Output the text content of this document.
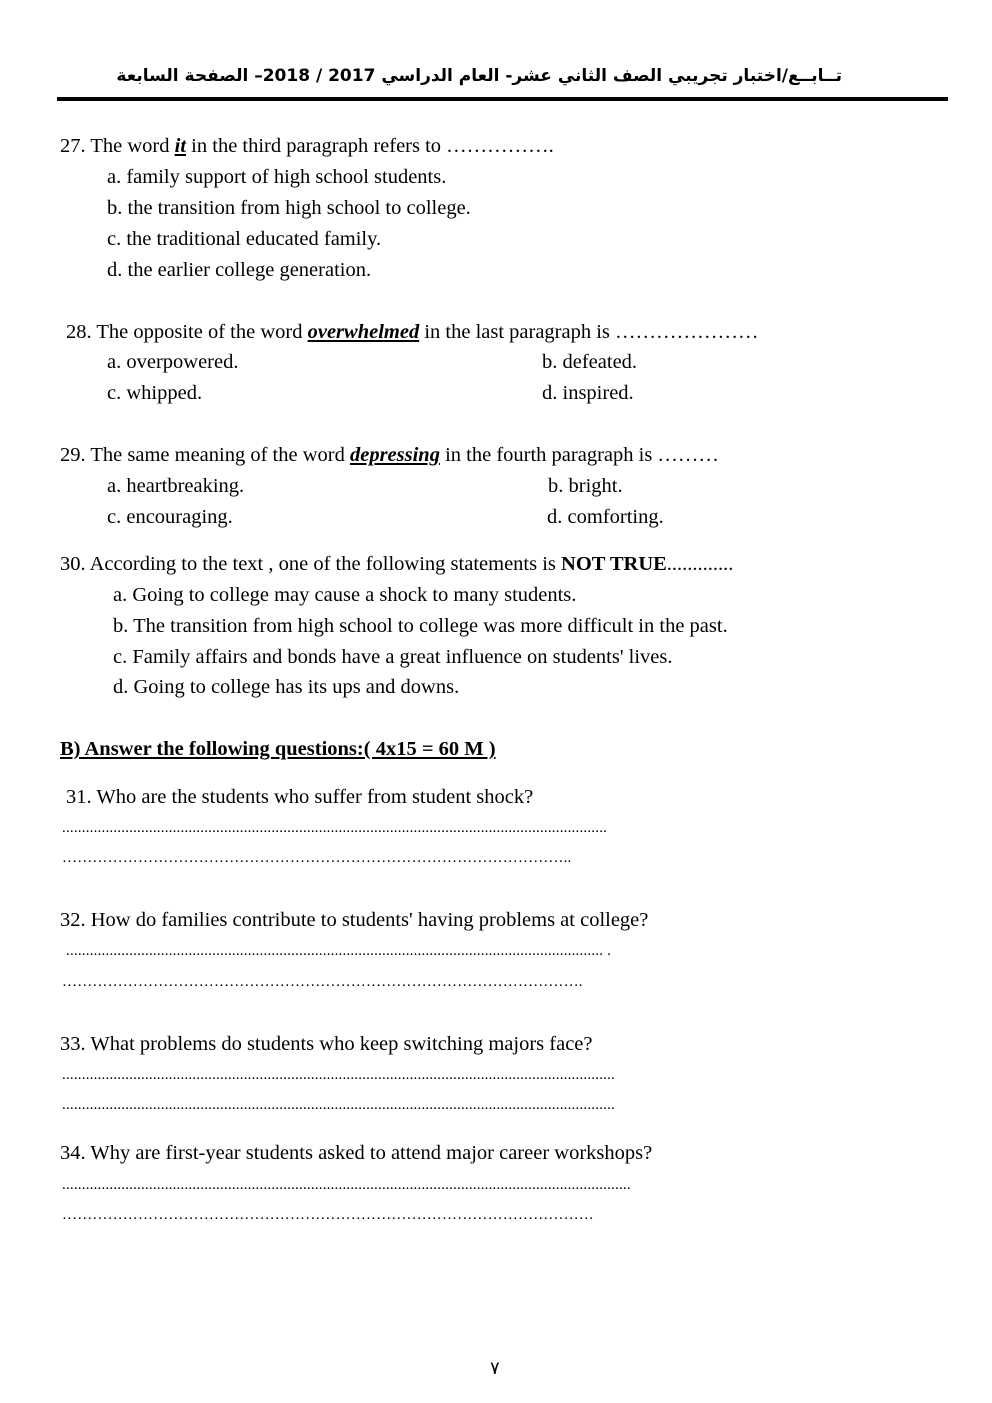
تــابــع/اختبار تجريبي الصف الثاني عشر- العام الدراسي 2017 / 2018– الصفحة السابعة
27. The word it in the third paragraph refers to …………….
a. family support of high school students.
b. the transition from high school to college.
c. the traditional educated family.
d. the earlier college generation.
28. The opposite of the word overwhelmed in the last paragraph is …………………
a. overpowered.	b. defeated.
c. whipped.	d. inspired.
29. The same meaning of the word depressing in the fourth paragraph is ………
a. heartbreaking.	b. bright.
c. encouraging.	d. comforting.
30. According to the text , one of the following statements is NOT TRUE.............
a. Going to college may cause a shock to many students.
b. The transition from high school to college was more difficult in the past.
c. Family affairs and bonds have a great influence on students' lives.
d. Going to college has its ups and downs.
B) Answer the following questions:( 4x15 = 60 M )
31. Who are the students who suffer from student shock?
..........................................................................................................................................
………………………………………………………………………………………..
32. How do families contribute to students' having problems at college?
........................................................................................................................................ .
………………………………………………………………………………………….
33. What problems do students who keep switching majors face?
............................................................................................................................................
............................................................................................................................................
34. Why are first-year students asked to attend major career workshops?
................................................................................................................................................
……………………………………………………………………………………………
٧
